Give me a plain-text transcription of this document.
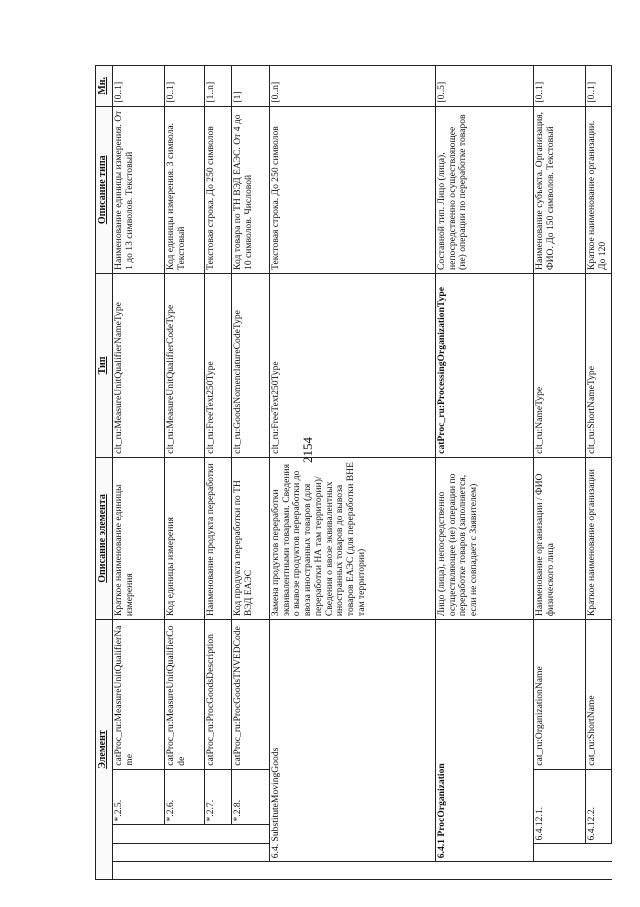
2154
Элемент					Описание элемента	Тип	Описание типа	Мн.
			*.2.5.	catProc_ru:MeasureUnitQualifierName	Краткое наименование единицы измерения	clt_ru:MeasureUnitQualifierNameType	Наименование единицы измерения. От 1 до 13 символов. Текстовый	[0..1]
			*.2.6.	catProc_ru:MeasureUnitQualifierCode	Код единицы измерения	clt_ru:MeasureUnitQualifierCodeType	Код единицы измерения. 3 символа. Текстовый	[0..1]
			*.2.7.	catProc_ru:ProcGoodsDescription	Наименование продукта переработки	clt_ru:FreeText250Type	Текстовая строка. До 250 символов	[1..n]
			*.2.8.	catProc_ru:ProcGoodsTNVEDCode	Код продукта переработки по ТН ВЭД ЕАЭС	clt_ru:GoodsNomenclatureCodeType	Код товара по ТН ВЭД ЕАЭС. От 4 до 10 символов. Числовой	[1]
	6.4. SubstituteMovingGoods				Замена продуктов переработки эквивалентными товарами. Сведения о вывозе продуктов переработки до ввоза иностранных товаров (для переработки НА там территории)/ Сведения о ввозе эквивалентных иностранных товаров до вывоза товаров ЕАЭС (для переработки ВНЕ там территории)	clt_ru:FreeText250Type	Текстовая строка. До 250 символов	[0..n]
	6.4.1 ProcOrganization				Лицо (лица), непосредственно осуществляющее (ие) операции по переработке товаров (заполняется, если не совпадает с Заявителем)	catProc_ru:ProcessingOrganizationType	Составной тип. Лицо (лица), непосредственно осуществляющее (ие) операции по переработке товаров	[0..5]
		6.4.12.1.		cat_ru:OrganizationName	Наименование организации / ФИО физического лица	clt_ru:NameType	Наименование субъекта. Организация, ФИО. До 150 символов. Текстовый	[0..1]
		6.4.12.2.		cat_ru:ShortName	Краткое наименование организации	clt_ru:ShortNameType	Краткое наименование организации. До 120	[0..1]
